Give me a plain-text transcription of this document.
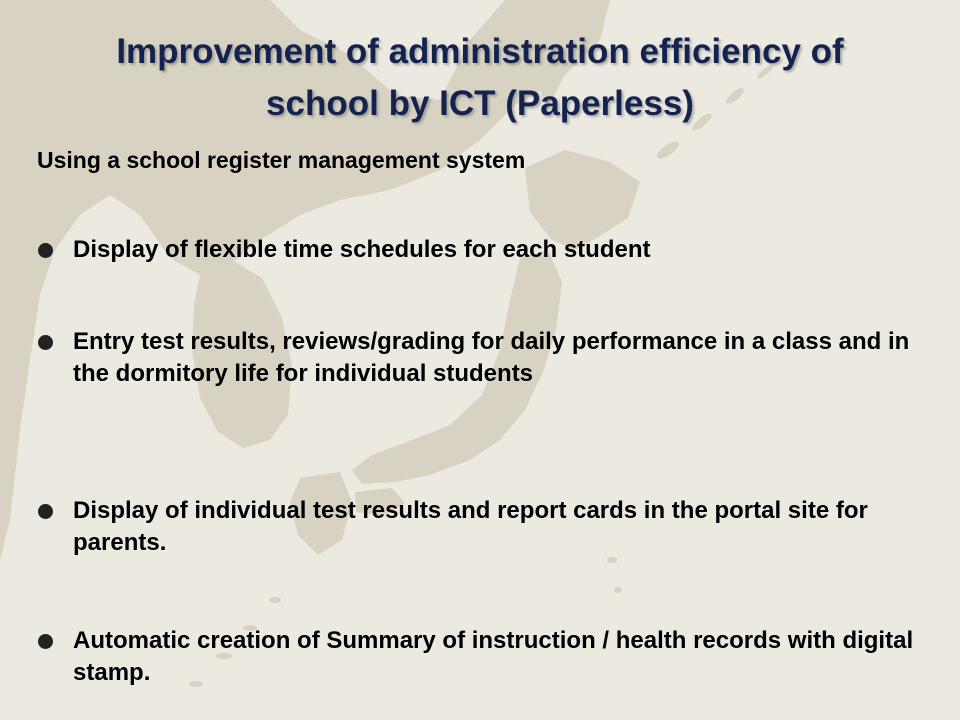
Improvement of administration efficiency of
school by ICT (Paperless)
Using a school register management system
Display of flexible time schedules for each student
Entry test results, reviews/grading for daily performance in a class and in the dormitory life for individual students
Display of individual test results and report cards in the portal site for parents.
Automatic creation of Summary of instruction / health records with digital stamp.
